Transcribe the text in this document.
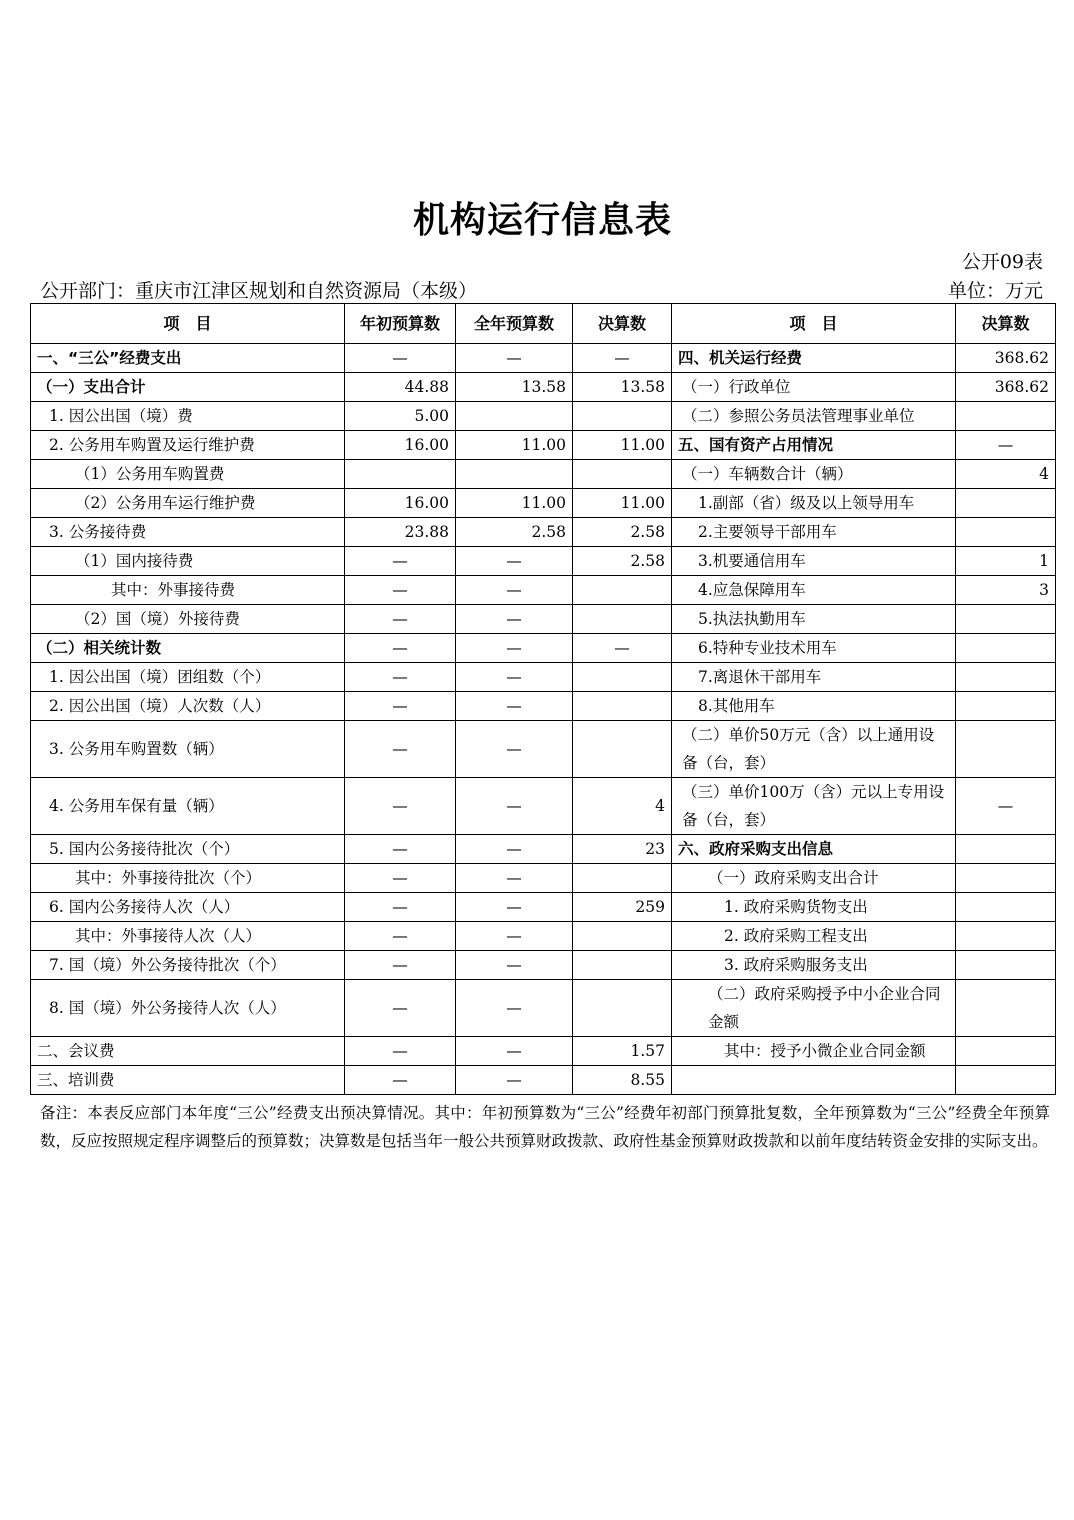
机构运行信息表
公开09表
公开部门：重庆市江津区规划和自然资源局（本级）	单位：万元
项　目	年初预算数	全年预算数	决算数	项　目	决算数
一、“三公”经费支出	—	—	—	四、机关运行经费	368.62
（一）支出合计	44.88	13.58	13.58	（一）行政单位	368.62
1. 因公出国（境）费	5.00			（二）参照公务员法管理事业单位	
2. 公务用车购置及运行维护费	16.00	11.00	11.00	五、国有资产占用情况	—
（1）公务用车购置费				（一）车辆数合计（辆）	4
（2）公务用车运行维护费	16.00	11.00	11.00	1.副部（省）级及以上领导用车	
3. 公务接待费	23.88	2.58	2.58	2.主要领导干部用车	
（1）国内接待费	—	—	2.58	3.机要通信用车	1
其中：外事接待费	—	—		4.应急保障用车	3
（2）国（境）外接待费	—	—		5.执法执勤用车	
（二）相关统计数	—	—	—	6.特种专业技术用车	
1. 因公出国（境）团组数（个）	—	—		7.离退休干部用车	
2. 因公出国（境）人次数（人）	—	—		8.其他用车	
3. 公务用车购置数（辆）	—	—		（二）单价50万元（含）以上通用设备（台，套）	
4. 公务用车保有量（辆）	—	—	4	（三）单价100万（含）元以上专用设备（台，套）	—
5. 国内公务接待批次（个）	—	—	23	六、政府采购支出信息	
其中：外事接待批次（个）	—	—		（一）政府采购支出合计	
6. 国内公务接待人次（人）	—	—	259	1. 政府采购货物支出	
其中：外事接待人次（人）	—	—		2. 政府采购工程支出	
7. 国（境）外公务接待批次（个）	—	—		3. 政府采购服务支出	
8. 国（境）外公务接待人次（人）	—	—		（二）政府采购授予中小企业合同金额	
二、会议费	—	—	1.57	其中：授予小微企业合同金额	
三、培训费	—	—	8.55		
备注：本表反应部门本年度“三公”经费支出预决算情况。其中：年初预算数为“三公”经费年初部门预算批复数，全年预算数为“三公”经费全年预算数，反应按照规定程序调整后的预算数；决算数是包括当年一般公共预算财政拨款、政府性基金预算财政拨款和以前年度结转资金安排的实际支出。
